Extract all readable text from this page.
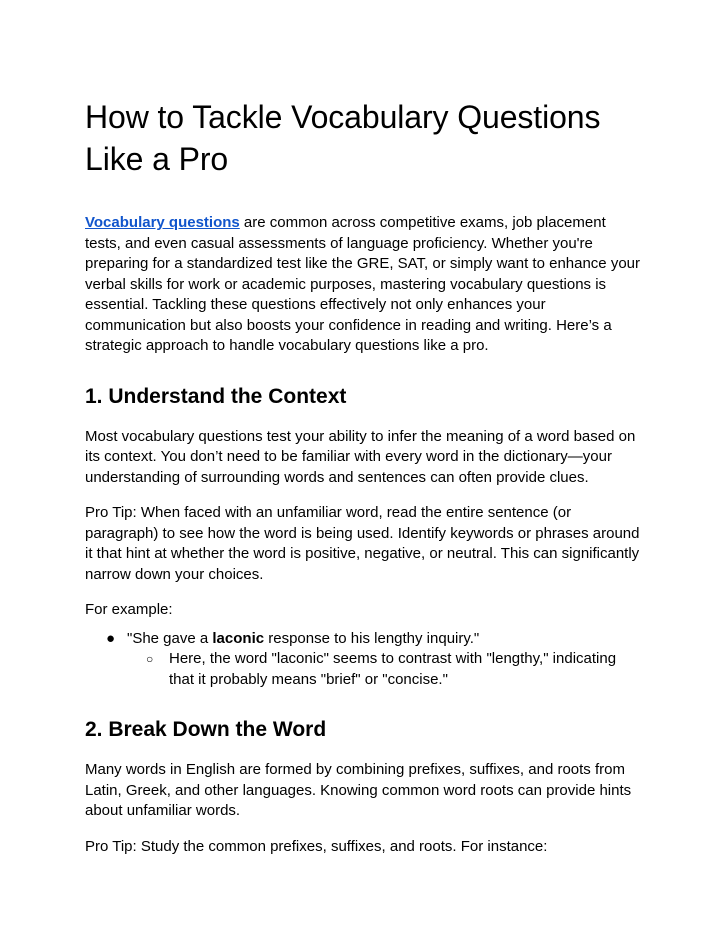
How to Tackle Vocabulary Questions Like a Pro

Vocabulary questions are common across competitive exams, job placement tests, and even casual assessments of language proficiency. Whether you're preparing for a standardized test like the GRE, SAT, or simply want to enhance your verbal skills for work or academic purposes, mastering vocabulary questions is essential. Tackling these questions effectively not only enhances your communication but also boosts your confidence in reading and writing. Here’s a strategic approach to handle vocabulary questions like a pro.

1. Understand the Context

Most vocabulary questions test your ability to infer the meaning of a word based on its context. You don’t need to be familiar with every word in the dictionary—your understanding of surrounding words and sentences can often provide clues.

Pro Tip: When faced with an unfamiliar word, read the entire sentence (or paragraph) to see how the word is being used. Identify keywords or phrases around it that hint at whether the word is positive, negative, or neutral. This can significantly narrow down your choices.

For example:

● "She gave a laconic response to his lengthy inquiry."
○ Here, the word "laconic" seems to contrast with "lengthy," indicating that it probably means "brief" or "concise."
2. Break Down the Word

Many words in English are formed by combining prefixes, suffixes, and roots from Latin, Greek, and other languages. Knowing common word roots can provide hints about unfamiliar words.

Pro Tip: Study the common prefixes, suffixes, and roots. For instance:
